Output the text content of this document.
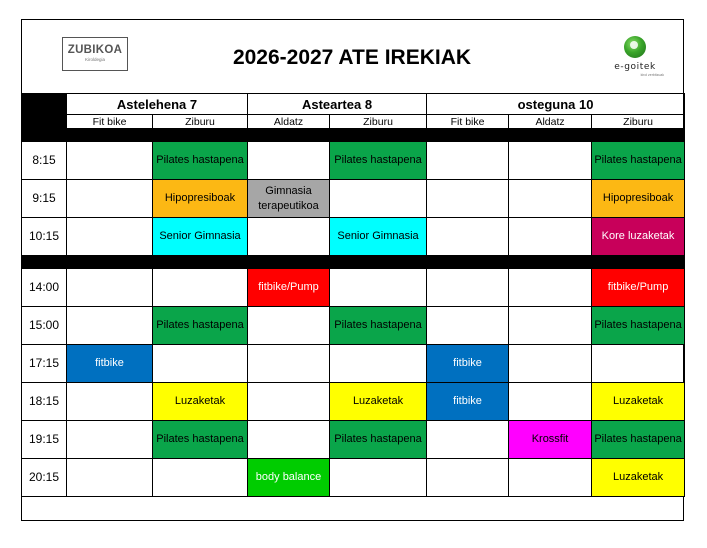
ZUBIKOA
Kiroldegia	2026-2027 ATE IREKIAK	e-goitek
kirol zerbitzuak
	Astelehena 7		Astearteа 8		osteguna 10		
	Fit bike	Ziburu	Aldatz	Ziburu	Fit bike	Aldatz	Ziburu

8:15		Pilates hastapena		Pilates hastapena			Pilates hastapena
9:15		Hipopresiboak	Gimnasia terapeutikoa				Hipopresiboak
10:15		Senior Gimnasia		Senior Gimnasia			Kore luzaketak

14:00			fitbike/Pump				fitbike/Pump
15:00		Pilates hastapena		Pilates hastapena			Pilates hastapena
17:15	fitbike				fitbike		
18:15		Luzaketak		Luzaketak	fitbike		Luzaketak
19:15		Pilates hastapena		Pilates hastapena		Krossfit	Pilates hastapena
20:15			body balance				Luzaketak
